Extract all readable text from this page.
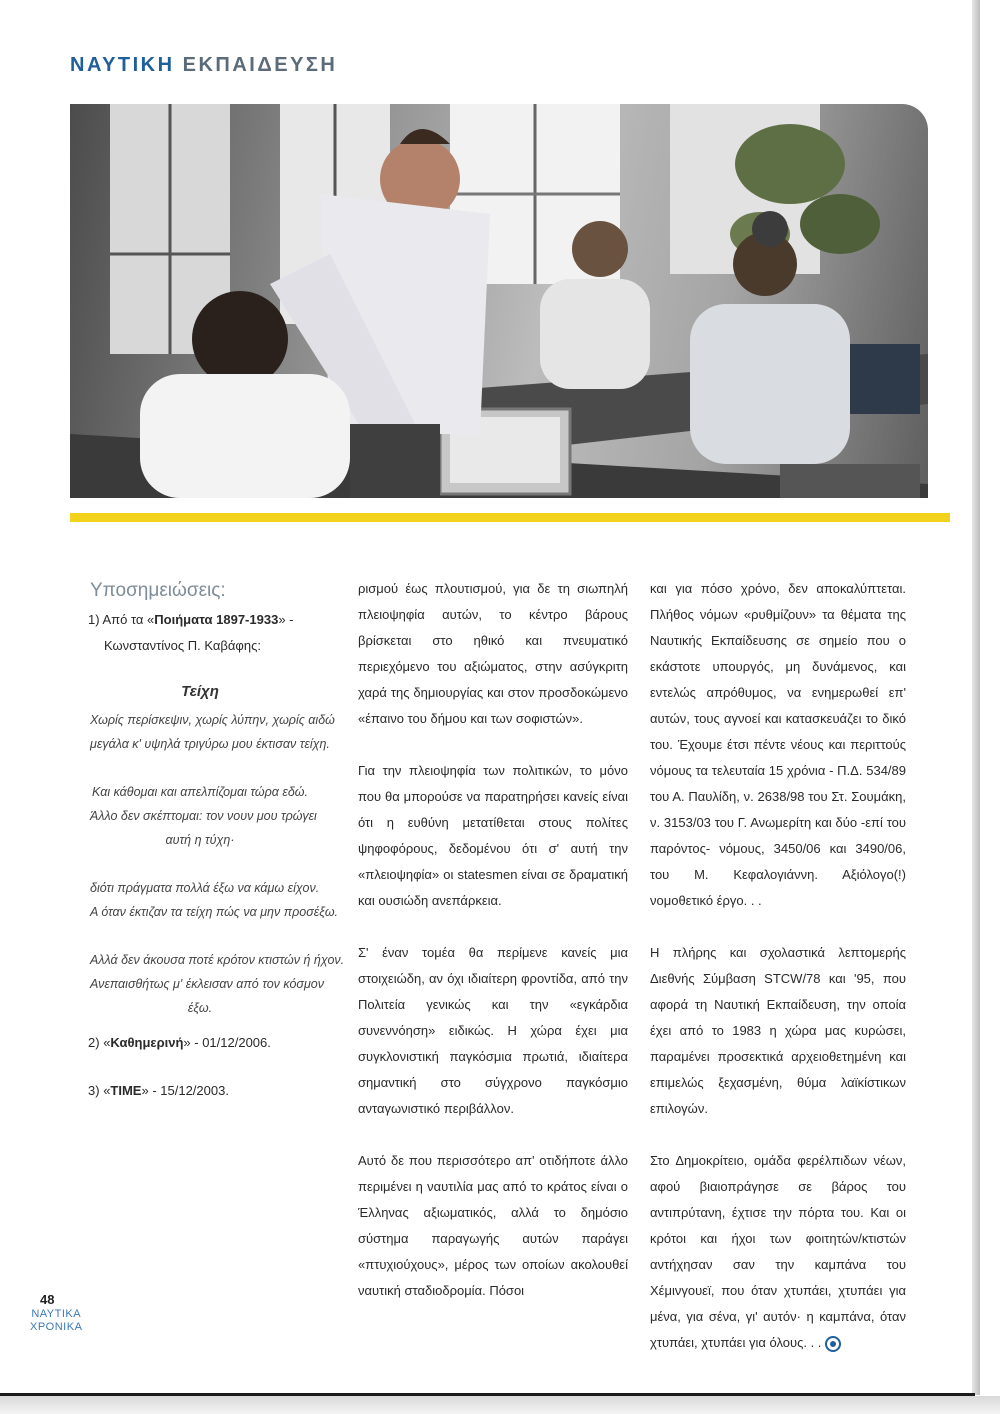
ΝΑΥΤΙΚΗ ΕΚΠΑΙΔΕΥΣΗ
Υποσημειώσεις:
1) Από τα «Ποιήματα 1897-1933» -
Κωνσταντίνος Π. Καβάφης:
Τείχη
Χωρίς περίσκεψιν, χωρίς λύπην, χωρίς αιδώ
μεγάλα κ' υψηλά τριγύρω μου έκτισαν τείχη.
Και κάθομαι και απελπίζομαι τώρα εδώ.
Άλλο δεν σκέπτομαι: τον νουν μου τρώγει
αυτή η τύχη·
διότι πράγματα πολλά έξω να κάμω είχον.
Α όταν έκτιζαν τα τείχη πώς να μην προσέξω.
Αλλά δεν άκουσα ποτέ κρότον κτιστών ή ήχον.
Ανεπαισθήτως μ' έκλεισαν από τον κόσμον
έξω.
2) «Καθημερινή» - 01/12/2006.
3) «TIME» - 15/12/2003.

ρισμού έως πλουτισμού, για δε τη σιωπηλή πλειοψηφία αυτών, το κέντρο βάρους βρίσκεται στο ηθικό και πνευματικό περιεχόμενο του αξιώματος, στην ασύγκριτη χαρά της δημιουργίας και στον προσδοκώμενο «έπαινο του δήμου και των σοφιστών».

Για την πλειοψηφία των πολιτικών, το μόνο που θα μπορούσε να παρατηρήσει κανείς είναι ότι η ευθύνη μετατίθεται στους πολίτες ψηφοφόρους, δεδομένου ότι σ' αυτή την «πλειοψηφία» οι statesmen είναι σε δραματική και ουσιώδη ανεπάρκεια.

Σ' έναν τομέα θα περίμενε κανείς μια στοιχειώδη, αν όχι ιδιαίτερη φροντίδα, από την Πολιτεία γενικώς και την «εγκάρδια συνεννόηση» ειδικώς. Η χώρα έχει μια συγκλονιστική παγκόσμια πρωτιά, ιδιαίτερα σημαντική στο σύγχρονο παγκόσμιο ανταγωνιστικό περιβάλλον.

Αυτό δε που περισσότερο απ' οτιδήποτε άλλο περιμένει η ναυτιλία μας από το κράτος είναι ο Έλληνας αξιωματικός, αλλά το δημόσιο σύστημα παραγωγής αυτών παράγει «πτυχιούχους», μέρος των οποίων ακολουθεί ναυτική σταδιοδρομία. Πόσοι

και για πόσο χρόνο, δεν αποκαλύπτεται. Πλήθος νόμων «ρυθμίζουν» τα θέματα της Ναυτικής Εκπαίδευσης σε σημείο που ο εκάστοτε υπουργός, μη δυνάμενος, και εντελώς απρόθυμος, να ενημερωθεί επ' αυτών, τους αγνοεί και κατασκευάζει το δικό του. Έχουμε έτσι πέντε νέους και περιττούς νόμους τα τελευταία 15 χρόνια - Π.Δ. 534/89 του Α. Παυλίδη, ν. 2638/98 του Στ. Σουμάκη, ν. 3153/03 του Γ. Ανωμερίτη και δύο -επί του παρόντος- νόμους, 3450/06 και 3490/06, του Μ. Κεφαλογιάννη. Αξιόλογο(!) νομοθετικό έργο. . .

Η πλήρης και σχολαστικά λεπτομερής Διεθνής Σύμβαση STCW/78 και '95, που αφορά τη Ναυτική Εκπαίδευση, την οποία έχει από το 1983 η χώρα μας κυρώσει, παραμένει προσεκτικά αρχειοθετημένη και επιμελώς ξεχασμένη, θύμα λαϊκίστικων επιλογών.

Στο Δημοκρίτειο, ομάδα φερέλπιδων νέων, αφού βιαιοπράγησε σε βάρος του αντιπρύτανη, έχτισε την πόρτα του. Και οι κρότοι και ήχοι των φοιτητών/κτιστών αντήχησαν σαν την καμπάνα του Χέμινγουεϊ, που όταν χτυπάει, χτυπάει για μένα, για σένα, γι' αυτόν· η καμπάνα, όταν χτυπάει, χτυπάει για όλους. . .

48
ΝΑΥΤΙΚΑ
ΧΡΟΝΙΚΑ
